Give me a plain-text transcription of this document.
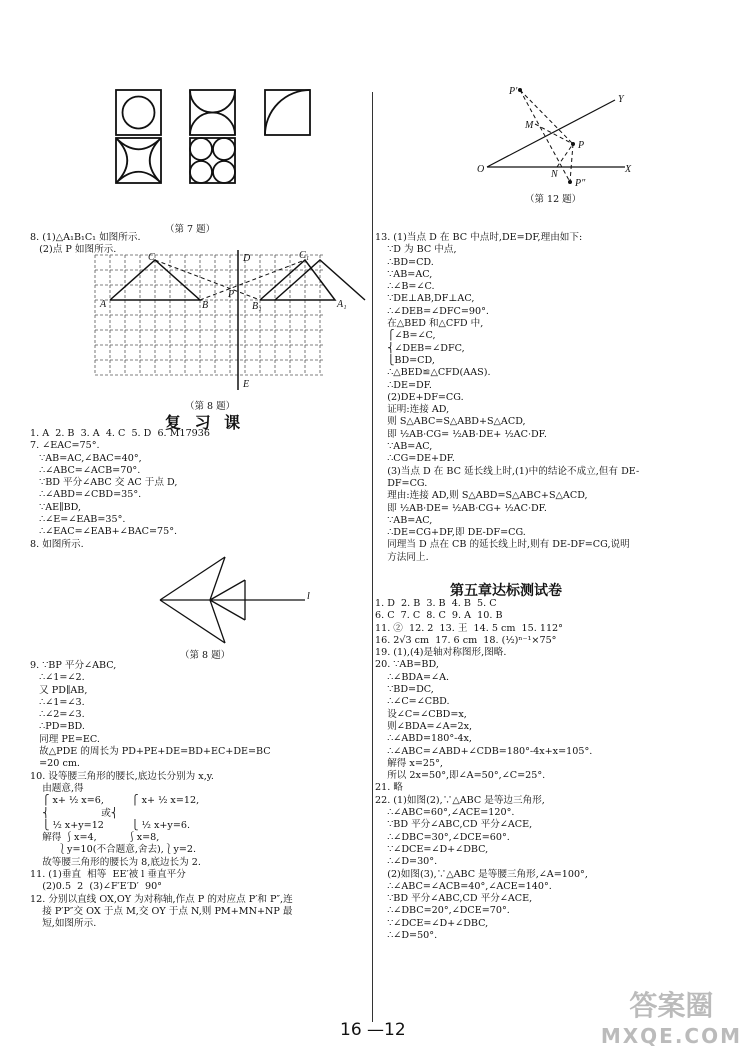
（第 7 题）
8. (1)△A₁B₁C₁ 如图所示.
(2)点 P 如图所示.
C
A	B
P
A₁
B₁
C₁
D
E
（第 8 题）
复 习 课
1. A  2. B  3. A  4. C  5. D  6. M17936
7. ∠EAC=75°.
∵AB=AC,∠BAC=40°,
∴∠ABC=∠ACB=70°.
∵BD 平分∠ABC 交 AC 于点 D,
∴∠ABD=∠CBD=35°.
∵AE∥BD,
∴∠E=∠EAB=35°.
∴∠EAC=∠EAB+∠BAC=75°.
8. 如图所示.
l
（第 8 题）
9. ∵BP 平分∠ABC,
∴∠1=∠2.
又 PD∥AB,
∴∠1=∠3.
∴∠2=∠3.
∴PD=BD.
同理 PE=EC.
故△PDE 的周长为 PD+PE+DE=BD+EC+DE=BC
=20 cm.
10. 设等腰三角形的腰长,底边长分别为 x,y.
由题意,得
⎧ x+ ½ x=6,         ⎧ x+ ½ x=12,
⎨                 或⎨
⎩ ½ x+y=12         ⎩ ½ x+y=6.
解得 ⎰x=4,          ⎰x=8,
⎱y=10(不合题意,舍去),⎱y=2.
故等腰三角形的腰长为 8,底边长为 2.
11. (1)垂直  相等  EE′被 l 垂直平分
(2)0.5  2  (3)∠F′E′D′  90°
12. 分别以直线 OX,OY 为对称轴,作点 P 的对应点 P′和 P″,连
接 P′P″交 OX 于点 M,交 OY 于点 N,则 PM+MN+NP 最
短,如图所示.
P′
Y
M
P
O	N	X
P″
（第 12 题）
13. (1)当点 D 在 BC 中点时,DE=DF,理由如下:
∵D 为 BC 中点,
∴BD=CD.
∵AB=AC,
∴∠B=∠C.
∵DE⊥AB,DF⊥AC,
∴∠DEB=∠DFC=90°.
在△BED 和△CFD 中,
⎧∠B=∠C,
⎨∠DEB=∠DFC,
⎩BD=CD,
∴△BED≌△CFD(AAS).
∴DE=DF.
(2)DE+DF=CG.
证明:连接 AD,
则 S△ABC=S△ABD+S△ACD,
即 ½AB·CG= ½AB·DE+ ½AC·DF.
∵AB=AC,
∴CG=DE+DF.
(3)当点 D 在 BC 延长线上时,(1)中的结论不成立,但有 DE-
DF=CG.
理由:连接 AD,则 S△ABD=S△ABC+S△ACD,
即 ½AB·DE= ½AB·CG+ ½AC·DF.
∵AB=AC,
∴DE=CG+DF,即 DE-DF=CG.
同理当 D 点在 CB 的延长线上时,则有 DE-DF=CG,说明
方法同上.
第五章达标测试卷
1. D  2. B  3. B  4. B  5. C
6. C  7. C  8. C  9. A  10. B
11. ②  12. 2  13. 王  14. 5 cm  15. 112°
16. 2√3 cm  17. 6 cm  18. (½)ⁿ⁻¹×75°
19. (1),(4)是轴对称图形,图略.
20. ∵AB=BD,
∴∠BDA=∠A.
∵BD=DC,
∴∠C=∠CBD.
设∠C=∠CBD=x,
则∠BDA=∠A=2x,
∴∠ABD=180°-4x,
∴∠ABC=∠ABD+∠CDB=180°-4x+x=105°.
解得 x=25°,
所以 2x=50°,即∠A=50°,∠C=25°.
21. 略
22. (1)如图(2),∵△ABC 是等边三角形,
∴∠ABC=60°,∠ACE=120°.
∵BD 平分∠ABC,CD 平分∠ACE,
∴∠DBC=30°,∠DCE=60°.
∵∠DCE=∠D+∠DBC,
∴∠D=30°.
(2)如图(3),∵△ABC 是等腰三角形,∠A=100°,
∴∠ABC=∠ACB=40°,∠ACE=140°.
∵BD 平分∠ABC,CD 平分∠ACE,
∴∠DBC=20°,∠DCE=70°.
∵∠DCE=∠D+∠DBC,
∴∠D=50°.
16 —12
答案圈
MXQE.COM
